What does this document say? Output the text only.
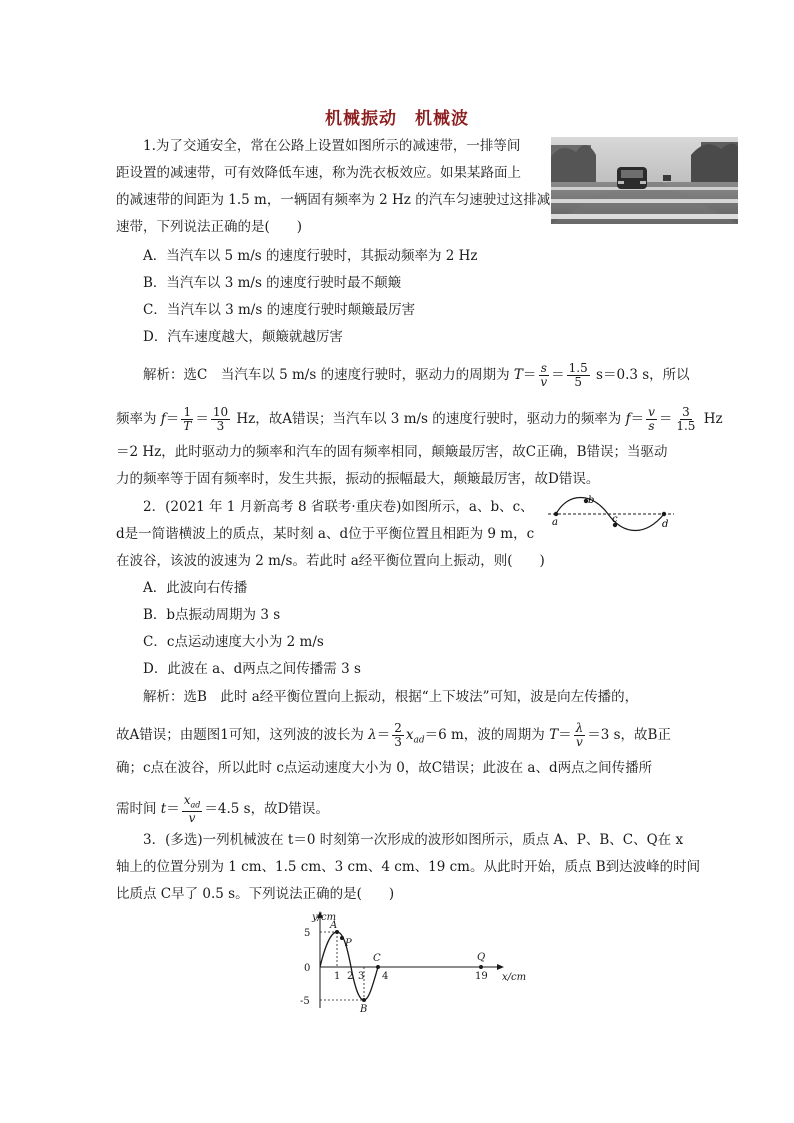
机械振动　机械波
1.为了交通安全，常在公路上设置如图所示的减速带，一排等间
距设置的减速带，可有效降低车速，称为洗衣板效应。如果某路面上
的减速带的间距为 1.5 m，一辆固有频率为 2 Hz 的汽车匀速驶过这排减
速带，下列说法正确的是(　　)
A．当汽车以 5 m/s 的速度行驶时，其振动频率为 2 Hz
B．当汽车以 3 m/s 的速度行驶时最不颠簸
C．当汽车以 3 m/s 的速度行驶时颠簸最厉害
D．汽车速度越大，颠簸就越厉害
解析：选C　当汽车以 5 m/s 的速度行驶时，驱动力的周期为 $T= \frac{s}{v} = \frac{1.5}{5} s=0.3$ s，所以
频率为 $f= \frac{1}{T} = \frac{10}{3}$ Hz，故A错误；当汽车以 3 m/s 的速度行驶时，驱动力的频率为 $f= \frac{v}{s} = \frac{3}{1.5}$ Hz
＝2 Hz，此时驱动力的频率和汽车的固有频率相同，颠簸最厉害，故C正确，B错误；当驱动
力的频率等于固有频率时，发生共振，振动的振幅最大，颠簸最厉害，故D错误。
2．(2021 年 1 月新高考 8 省联考·重庆卷)如图所示，a、b、c、
d是一简谐横波上的质点，某时刻 a、d位于平衡位置且相距为 9 m，c
在波谷，该波的波速为 2 m/s。若此时 a经平衡位置向上振动，则(　　)
a
b
c	d
A．此波向右传播
B．b点振动周期为 3 s
C．c点运动速度大小为 2 m/s
D．此波在 a、d两点之间传播需 3 s
解析：选B　此时 a经平衡位置向上振动，根据“上下坡法”可知，波是向左传播的，
故A错误；由题图1可知，这列波的波长为 $\lambda= \frac{2}{3} x_{ad}=6$ m，波的周期为 $T= \frac{\lambda}{v} =3$ s，故B正
确；c点在波谷，所以此时 c点运动速度大小为 0，故C错误；此波在 a、d两点之间传播所
需时间 $t= \frac{x_{ad}}{v} =4.5$ s，故D错误。
3．(多选)一列机械波在 t＝0 时刻第一次形成的波形如图所示，质点 A、P、B、C、Q在 x
轴上的位置分别为 1 cm、1.5 cm、3 cm、4 cm、19 cm。从此时开始，质点 B到达波峰的时间
比质点 C早了 0.5 s。下列说法正确的是(　　)
y/cm
x/cm
5
0
-5
1 2 3 4	19
A
P
C
B
Q
